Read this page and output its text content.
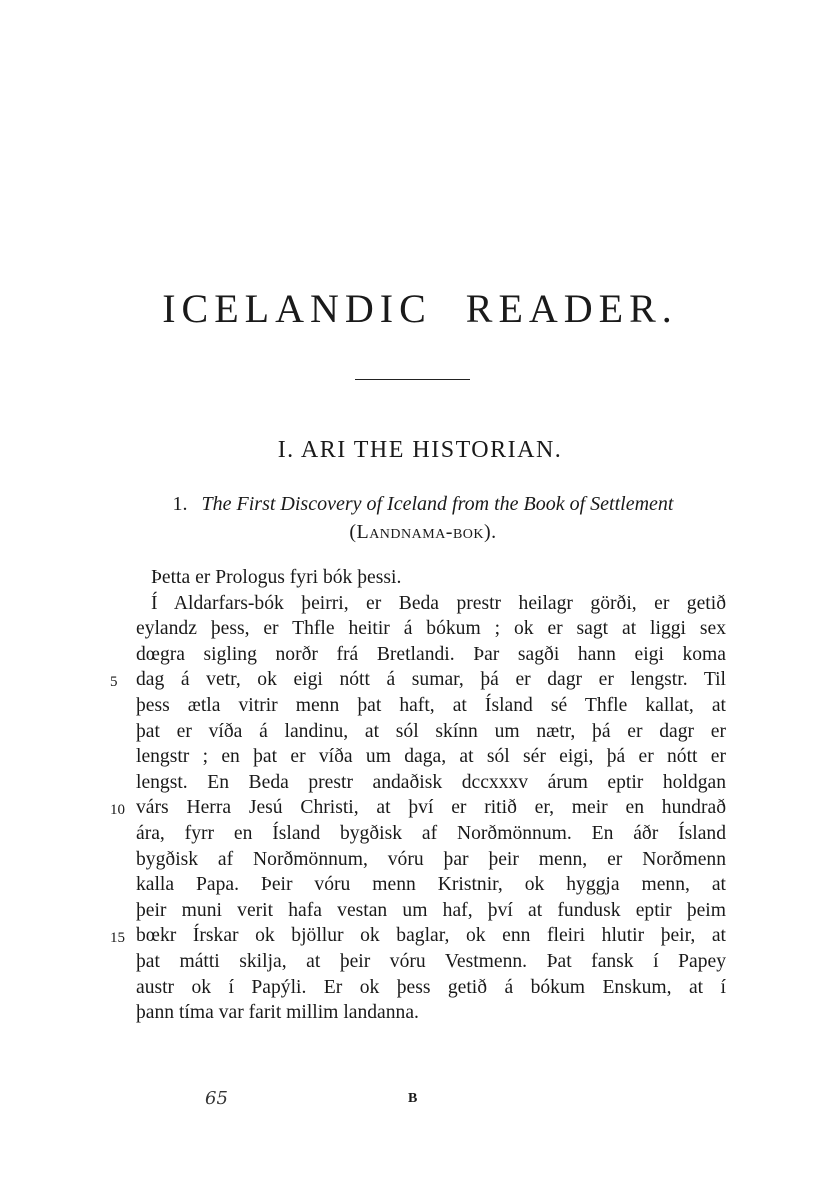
ICELANDIC READER.
I. ARI THE HISTORIAN.
1. The First Discovery of Iceland from the Book of Settlement
(Landnama-bok).
Þetta er Prologus fyri bók þessi.
Í Aldarfars-bók þeirri, er Beda prestr heilagr görði, er getið
eylandz þess, er Thfle heitir á bókum ; ok er sagt at liggi sex
dœgra sigling norðr frá Bretlandi. Þar sagði hann eigi koma
5 dag á vetr, ok eigi nótt á sumar, þá er dagr er lengstr. Til
þess ætla vitrir menn þat haft, at Ísland sé Thfle kallat, at
þat er víða á landinu, at sól skínn um nætr, þá er dagr er
lengstr ; en þat er víða um daga, at sól sér eigi, þá er nótt er
lengst. En Beda prestr andaðisk dccxxxv árum eptir holdgan
10 várs Herra Jesú Christi, at því er ritið er, meir en hundrað
ára, fyrr en Ísland bygðisk af Norðmönnum. En áðr Ísland
bygðisk af Norðmönnum, vóru þar þeir menn, er Norðmenn
kalla Papa. Þeir vóru menn Kristnir, ok hyggja menn, at
þeir muni verit hafa vestan um haf, því at fundusk eptir þeim
15 bœkr Írskar ok bjöllur ok baglar, ok enn fleiri hlutir þeir, at
þat mátti skilja, at þeir vóru Vestmenn. Þat fansk í Papey
austr ok í Papýli. Er ok þess getið á bókum Enskum, at í
þann tíma var farit millim landanna.
65	B
